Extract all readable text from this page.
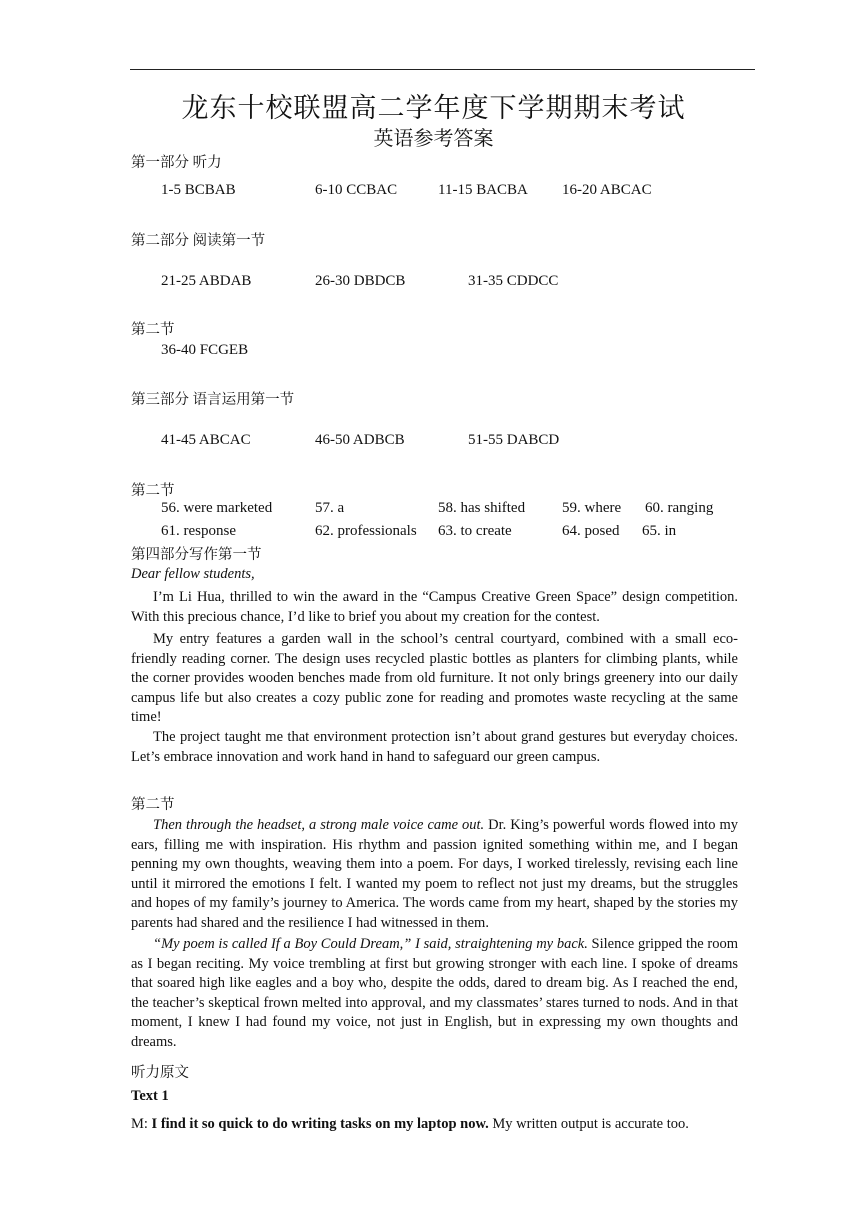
龙东十校联盟高二学年度下学期期末考试
英语参考答案
第一部分 听力
1-5 BCBAB	6-10 CCBAC	11-15 BACBA 16-20 ABCAC
第二部分 阅读第一节
21-25 ABDAB	26-30 DBDCB	31-35 CDDCC
第二节
36-40 FCGEB
第三部分 语言运用第一节
41-45 ABCAC	46-50 ADBCB	51-55 DABCD
第二节
56. were marketed	57. a	58. has shifted 59. where 60. ranging
61. response	62. professionals 63. to create	64. posed 65. in
第四部分写作第一节
Dear fellow students,
I’m Li Hua, thrilled to win the award in the “Campus Creative Green Space” design competition. With this precious chance, I’d like to brief you about my creation for the contest.
My entry features a garden wall in the school’s central courtyard, combined with a small eco-friendly reading corner. The design uses recycled plastic bottles as planters for climbing plants, while the corner provides wooden benches made from old furniture. It not only brings greenery into our daily campus life but also creates a cozy public zone for reading and promotes waste recycling at the same time!
The project taught me that environment protection isn’t about grand gestures but everyday choices. Let’s embrace innovation and work hand in hand to safeguard our green campus.
第二节
Then through the headset, a strong male voice came out. Dr. King’s powerful words flowed into my ears, filling me with inspiration. His rhythm and passion ignited something within me, and I began penning my own thoughts, weaving them into a poem. For days, I worked tirelessly, revising each line until it mirrored the emotions I felt. I wanted my poem to reflect not just my dreams, but the struggles and hopes of my family’s journey to America. The words came from my heart, shaped by the stories my parents had shared and the resilience I had witnessed in them.
“My poem is called If a Boy Could Dream,” I said, straightening my back. Silence gripped the room as I began reciting. My voice trembling at first but growing stronger with each line. I spoke of dreams that soared high like eagles and a boy who, despite the odds, dared to dream big. As I reached the end, the teacher’s skeptical frown melted into approval, and my classmates’ stares turned to nods. And in that moment, I knew I had found my voice, not just in English, but in expressing my own thoughts and dreams.
听力原文
Text 1
M: I find it so quick to do writing tasks on my laptop now. My written output is accurate too.
